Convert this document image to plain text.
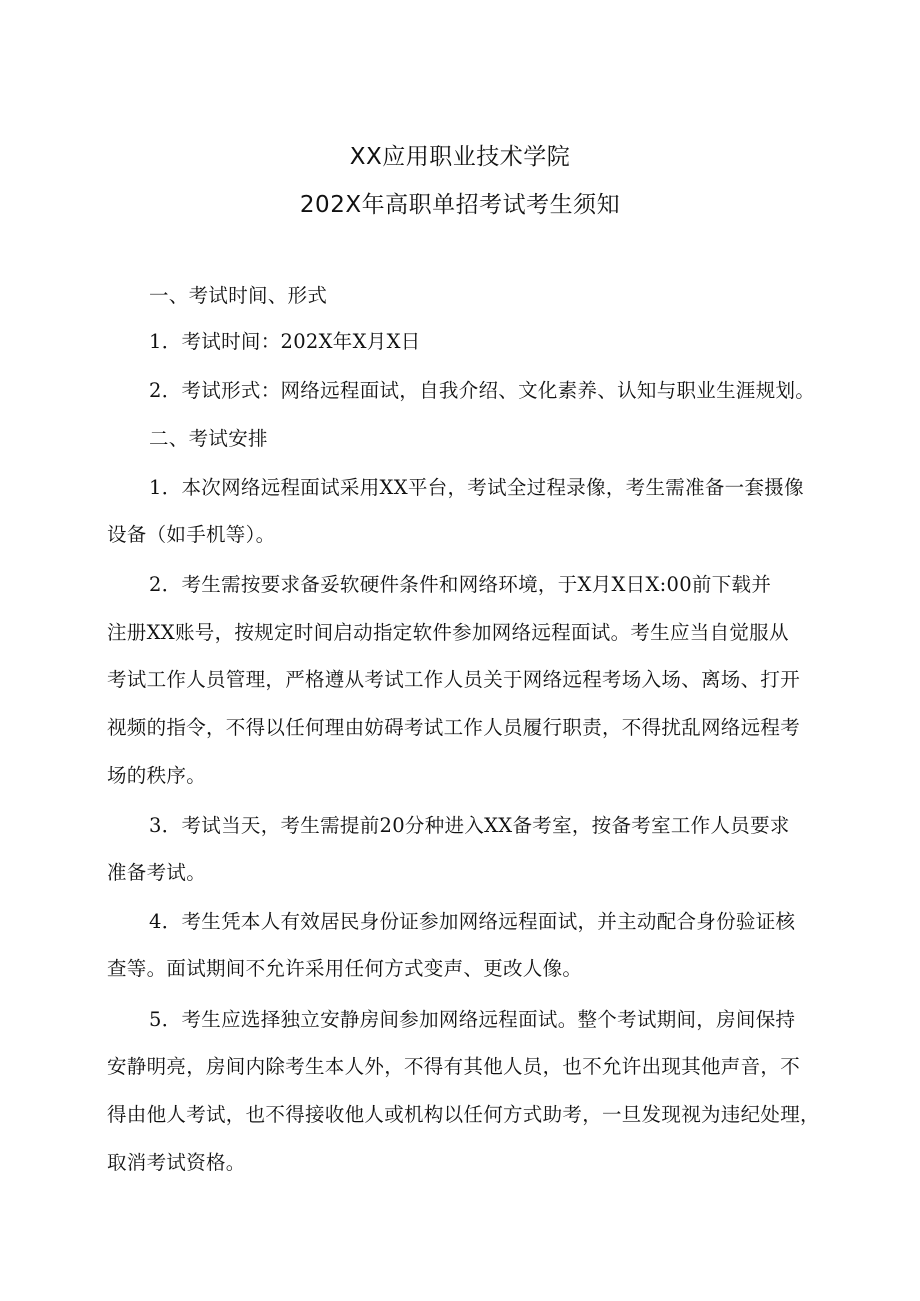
XX应用职业技术学院
202X年高职单招考试考生须知

一、考试时间、形式

1．考试时间：202X年X月X日

2．考试形式：网络远程面试，自我介绍、文化素养、认知与职业生涯规划。

二、考试安排

1．本次网络远程面试采用XX平台，考试全过程录像，考生需准备一套摄像

设备（如手机等）。

2．考生需按要求备妥软硬件条件和网络环境，于X月X日X:00前下载并

注册XX账号，按规定时间启动指定软件参加网络远程面试。考生应当自觉服从

考试工作人员管理，严格遵从考试工作人员关于网络远程考场入场、离场、打开

视频的指令，不得以任何理由妨碍考试工作人员履行职责，不得扰乱网络远程考

场的秩序。

3．考试当天，考生需提前20分种进入XX备考室，按备考室工作人员要求

准备考试。

4．考生凭本人有效居民身份证参加网络远程面试，并主动配合身份验证核

查等。面试期间不允许采用任何方式变声、更改人像。

5．考生应选择独立安静房间参加网络远程面试。整个考试期间，房间保持

安静明亮，房间内除考生本人外，不得有其他人员，也不允许出现其他声音，不

得由他人考试，也不得接收他人或机构以任何方式助考，一旦发现视为违纪处理，

取消考试资格。
